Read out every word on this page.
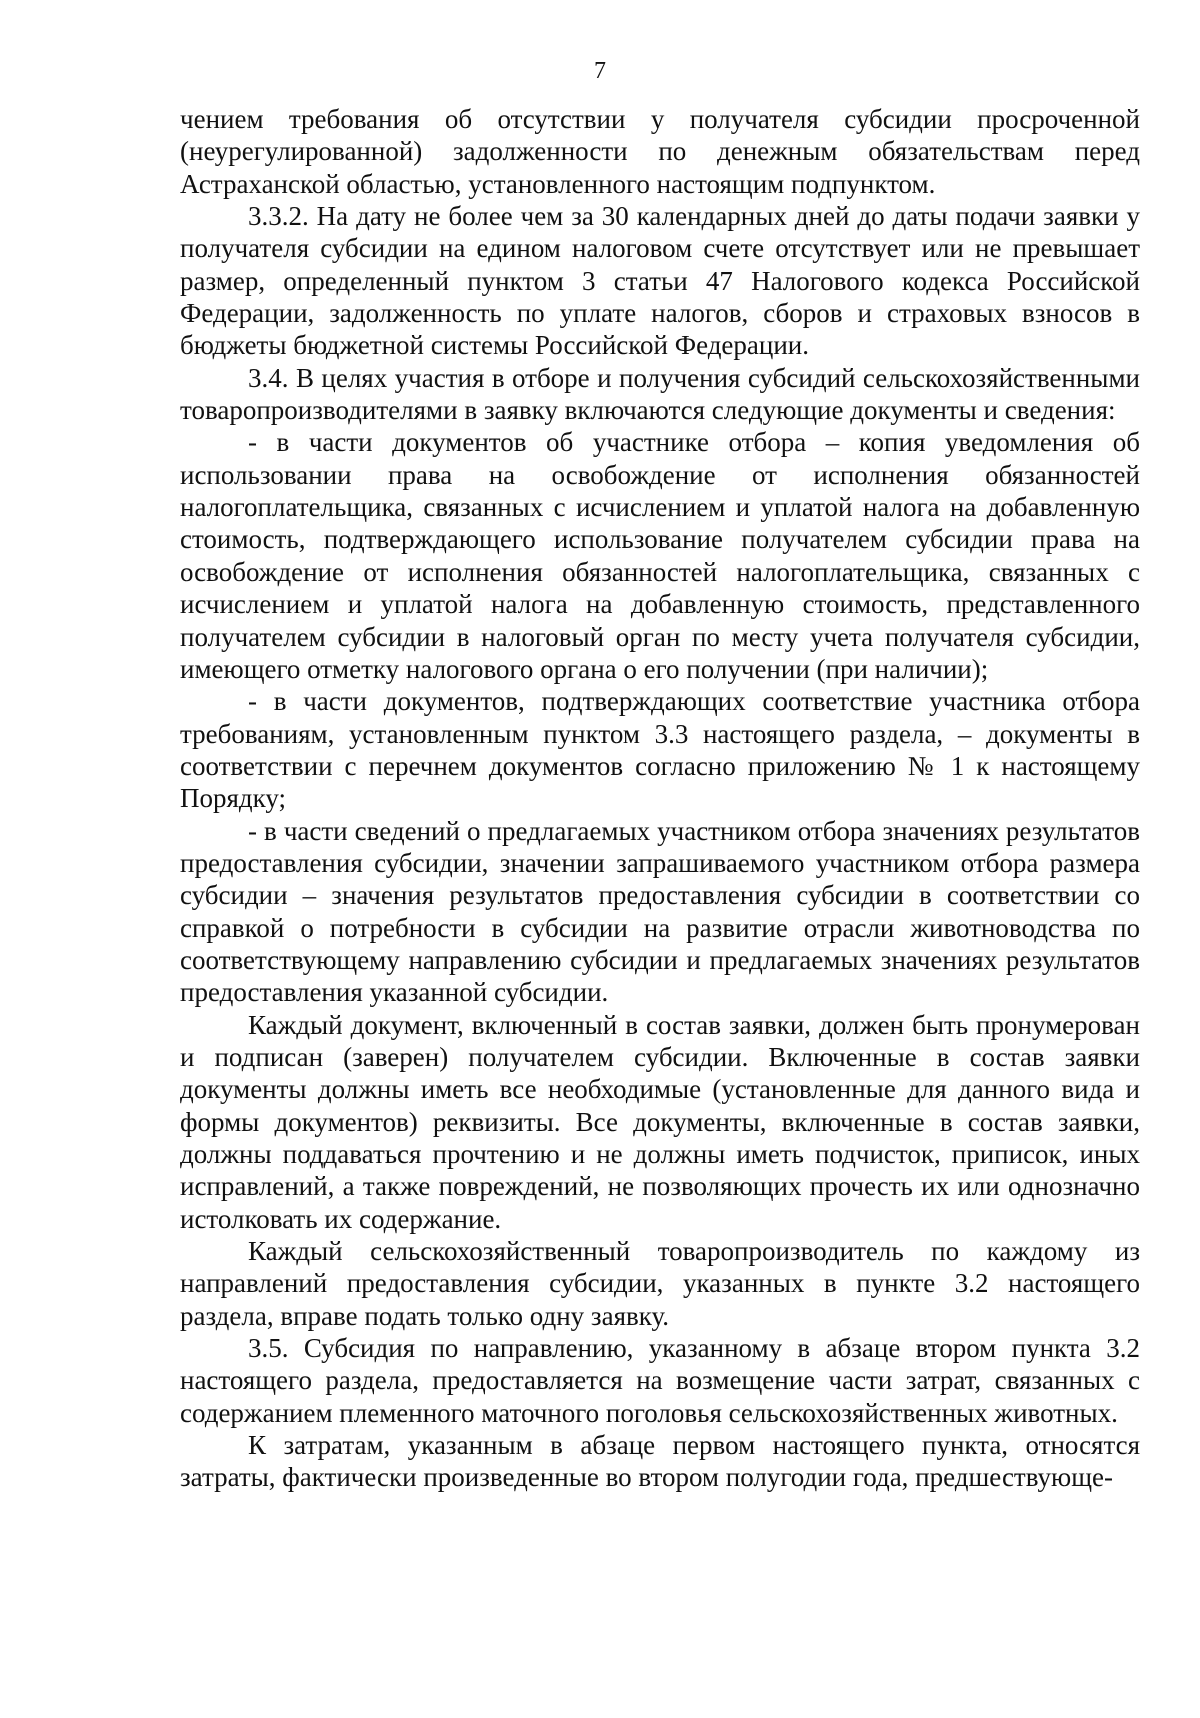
7

чением требования об отсутствии у получателя субсидии просроченной (неурегулированной) задолженности по денежным обязательствам перед Астраханской областью, установленного настоящим подпунктом.

3.3.2. На дату не более чем за 30 календарных дней до даты подачи заявки у получателя субсидии на едином налоговом счете отсутствует или не превышает размер, определенный пунктом 3 статьи 47 Налогового кодекса Российской Федерации, задолженность по уплате налогов, сборов и страховых взносов в бюджеты бюджетной системы Российской Федерации.

3.4. В целях участия в отборе и получения субсидий сельскохозяйственными товаропроизводителями в заявку включаются следующие документы и сведения:

- в части документов об участнике отбора – копия уведомления об использовании права на освобождение от исполнения обязанностей налогоплательщика, связанных с исчислением и уплатой налога на добавленную стоимость, подтверждающего использование получателем субсидии права на освобождение от исполнения обязанностей налогоплательщика, связанных с исчислением и уплатой налога на добавленную стоимость, представленного получателем субсидии в налоговый орган по месту учета получателя субсидии, имеющего отметку налогового органа о его получении (при наличии);

- в части документов, подтверждающих соответствие участника отбора требованиям, установленным пунктом 3.3 настоящего раздела, – документы в соответствии с перечнем документов согласно приложению № 1 к настоящему Порядку;

- в части сведений о предлагаемых участником отбора значениях результатов предоставления субсидии, значении запрашиваемого участником отбора размера субсидии – значения результатов предоставления субсидии в соответствии со справкой о потребности в субсидии на развитие отрасли животноводства по соответствующему направлению субсидии и предлагаемых значениях результатов предоставления указанной субсидии.

Каждый документ, включенный в состав заявки, должен быть пронумерован и подписан (заверен) получателем субсидии. Включенные в состав заявки документы должны иметь все необходимые (установленные для данного вида и формы документов) реквизиты. Все документы, включенные в состав заявки, должны поддаваться прочтению и не должны иметь подчисток, приписок, иных исправлений, а также повреждений, не позволяющих прочесть их или однозначно истолковать их содержание.

Каждый сельскохозяйственный товаропроизводитель по каждому из направлений предоставления субсидии, указанных в пункте 3.2 настоящего раздела, вправе подать только одну заявку.

3.5. Субсидия по направлению, указанному в абзаце втором пункта 3.2 настоящего раздела, предоставляется на возмещение части затрат, связанных с содержанием племенного маточного поголовья сельскохозяйственных животных.

К затратам, указанным в абзаце первом настоящего пункта, относятся затраты, фактически произведенные во втором полугодии года, предшествующе-
